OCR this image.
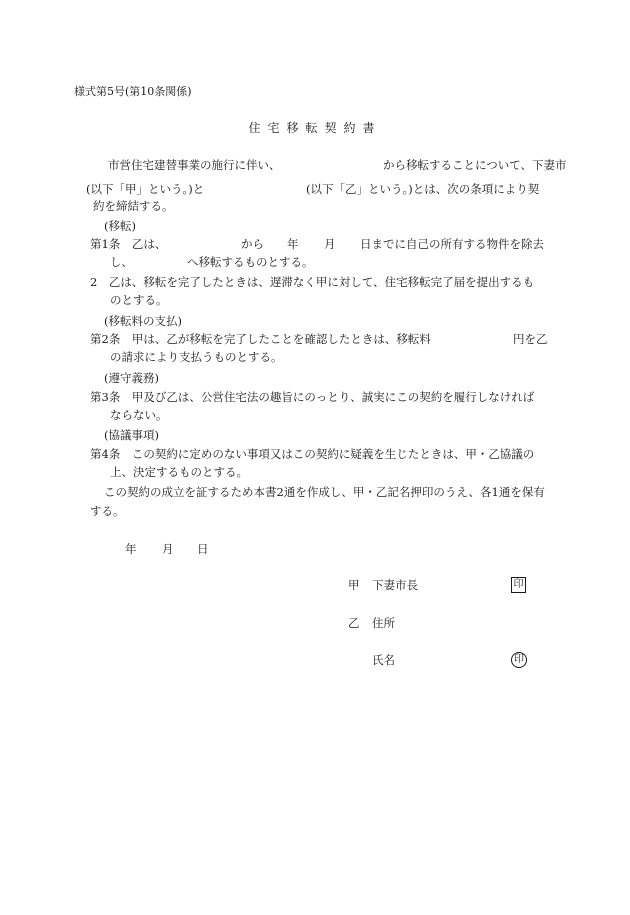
様式第5号(第10条関係)
住宅移転契約書
市営住宅建替事業の施行に伴い、	から移転することについて、下妻市
(以下「甲」という。)と	(以下「乙」という。)とは、次の条項により契
約を締結する。
(移転)
第1条　乙は、	から 年 月 日までに自己の所有する物件を除去
し、	へ移転するものとする。
2　乙は、移転を完了したときは、遅滞なく甲に対して、住宅移転完了届を提出するも
のとする。
(移転料の支払)
第2条　甲は、乙が移転を完了したことを確認したときは、移転料	円を乙
の請求により支払うものとする。
(遵守義務)
第3条　甲及び乙は、公営住宅法の趣旨にのっとり、誠実にこの契約を履行しなければ
ならない。
(協議事項)
第4条　この契約に定めのない事項又はこの契約に疑義を生じたときは、甲・乙協議の
上、決定するものとする。
この契約の成立を証するため本書2通を作成し、甲・乙記名押印のうえ、各1通を保有
する。
年 月 日
甲 下妻市長	印
乙 住所
氏名	印
